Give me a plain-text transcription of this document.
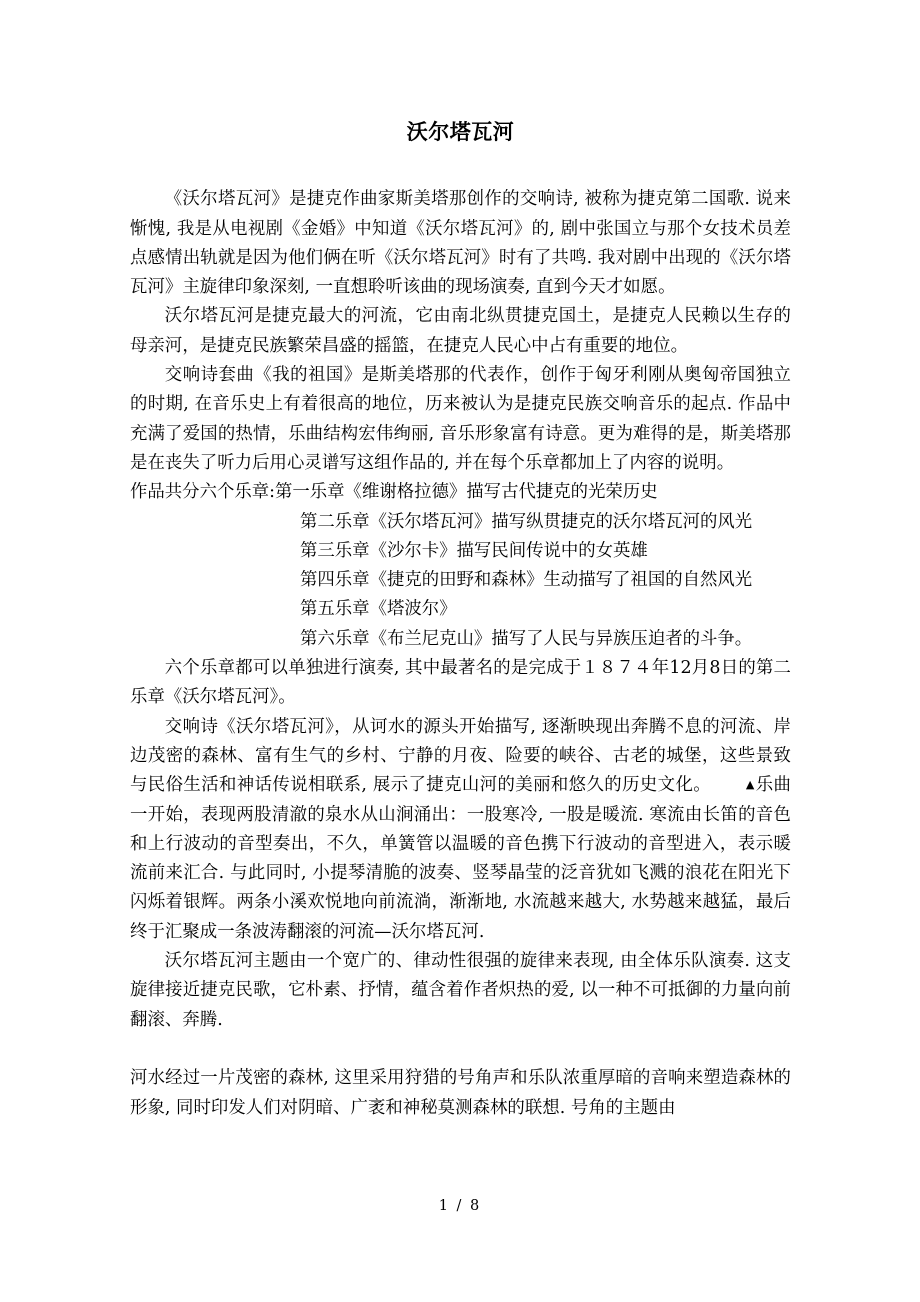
沃尔塔瓦河

《沃尔塔瓦河》是捷克作曲家斯美塔那创作的交响诗, 被称为捷克第二国歌. 说来惭愧, 我是从电视剧《金婚》中知道《沃尔塔瓦河》的, 剧中张国立与那个女技术员差点感情出轨就是因为他们俩在听《沃尔塔瓦河》时有了共鸣. 我对剧中出现的《沃尔塔瓦河》主旋律印象深刻, 一直想聆听该曲的现场演奏, 直到今天才如愿。

沃尔塔瓦河是捷克最大的河流，它由南北纵贯捷克国土，是捷克人民赖以生存的母亲河，是捷克民族繁荣昌盛的摇篮，在捷克人民心中占有重要的地位。

交响诗套曲《我的祖国》是斯美塔那的代表作，创作于匈牙利刚从奥匈帝国独立的时期, 在音乐史上有着很高的地位，历来被认为是捷克民族交响音乐的起点. 作品中充满了爱国的热情，乐曲结构宏伟绚丽, 音乐形象富有诗意。更为难得的是，斯美塔那是在丧失了听力后用心灵谱写这组作品的, 并在每个乐章都加上了内容的说明。

作品共分六个乐章:第一乐章《维谢格拉德》描写古代捷克的光荣历史

第二乐章《沃尔塔瓦河》描写纵贯捷克的沃尔塔瓦河的风光

第三乐章《沙尔卡》描写民间传说中的女英雄

第四乐章《捷克的田野和森林》生动描写了祖国的自然风光

第五乐章《塔波尔》

第六乐章《布兰尼克山》描写了人民与异族压迫者的斗争。

六个乐章都可以单独进行演奏, 其中最著名的是完成于１８７４年12月8日的第二乐章《沃尔塔瓦河》。

交响诗《沃尔塔瓦河》，从诃水的源头开始描写, 逐渐映现出奔腾不息的河流、岸边茂密的森林、富有生气的乡村、宁静的月夜、险要的峡谷、古老的城堡，这些景致与民俗生活和神话传说相联系, 展示了捷克山河的美丽和悠久的历史文化。	▲乐曲一开始，表现两股清澈的泉水从山涧涌出：一股寒冷, 一股是暖流. 寒流由长笛的音色和上行波动的音型奏出，不久，单簧管以温暖的音色携下行波动的音型进入，表示暖流前来汇合. 与此同时, 小提琴清脆的波奏、竖琴晶莹的泛音犹如飞溅的浪花在阳光下闪烁着银辉。两条小溪欢悦地向前流淌，渐渐地, 水流越来越大, 水势越来越猛，最后终于汇聚成一条波涛翻滚的河流—沃尔塔瓦河.

沃尔塔瓦河主题由一个宽广的、律动性很强的旋律来表现, 由全体乐队演奏. 这支旋律接近捷克民歌，它朴素、抒情，蕴含着作者炽热的爱, 以一种不可抵御的力量向前翻滚、奔腾.

河水经过一片茂密的森林, 这里采用狩猎的号角声和乐队浓重厚暗的音响来塑造森林的形象, 同时印发人们对阴暗、广袤和神秘莫测森林的联想. 号角的主题由

1 / 8
